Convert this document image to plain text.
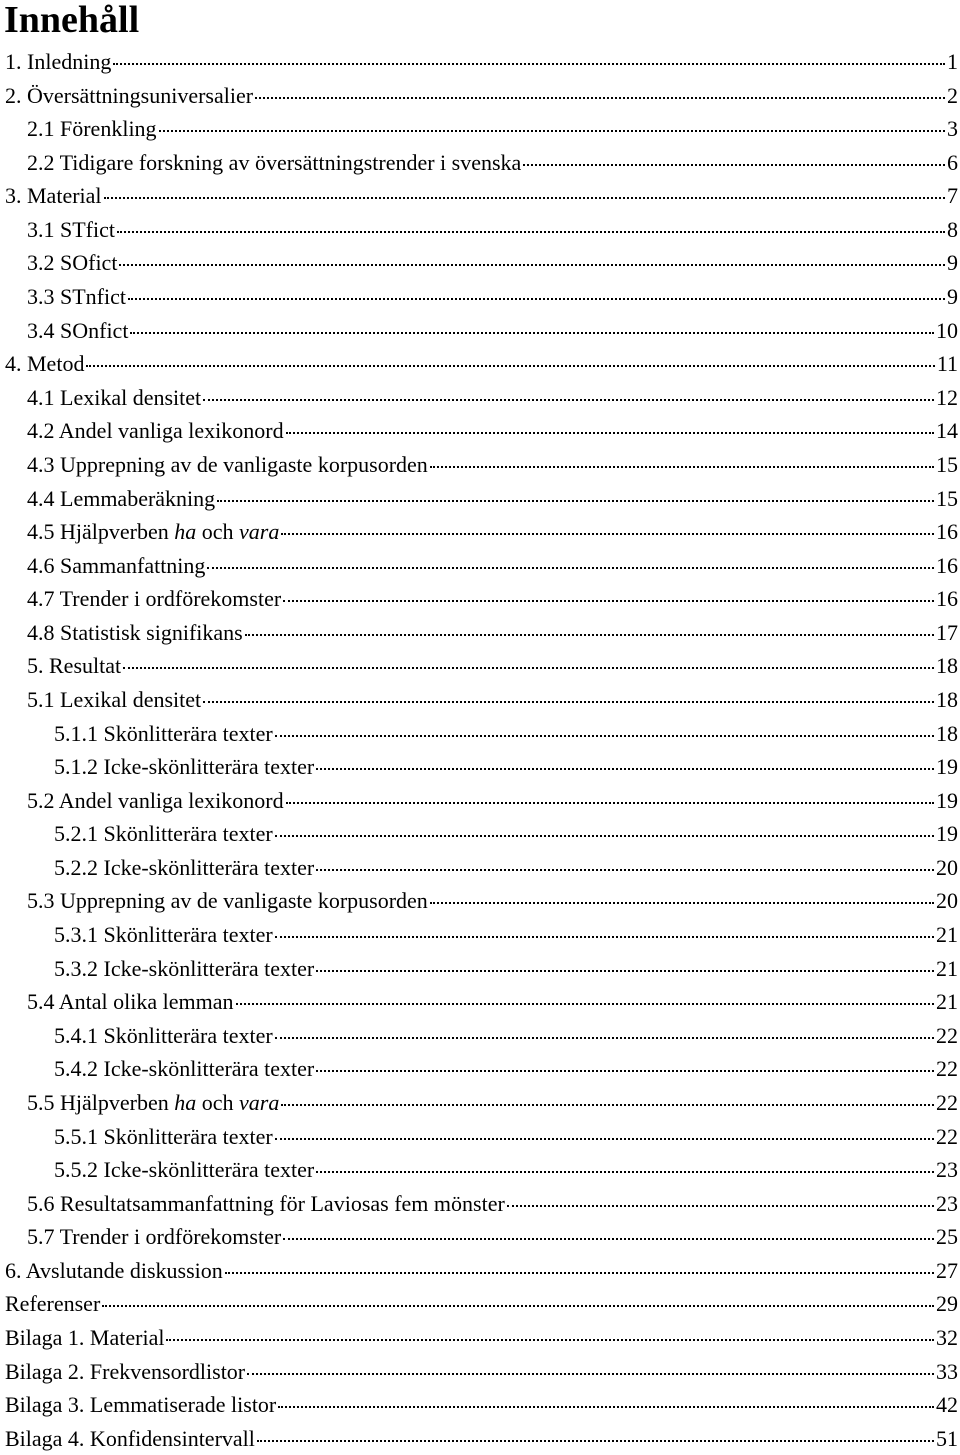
Innehåll
1. Inledning	1
2. Översättningsuniversalier	2
2.1 Förenkling	3
2.2 Tidigare forskning av översättningstrender i svenska	6
3. Material	7
3.1 STfict	8
3.2 SOfict	9
3.3 STnfict	9
3.4 SOnfict	10
4. Metod	11
4.1 Lexikal densitet	12
4.2 Andel vanliga lexikonord	14
4.3 Upprepning av de vanligaste korpusorden	15
4.4 Lemmaberäkning	15
4.5 Hjälpverben ha och vara	16
4.6 Sammanfattning	16
4.7 Trender i ordförekomster	16
4.8 Statistisk signifikans	17
5. Resultat	18
5.1 Lexikal densitet	18
5.1.1 Skönlitterära texter	18
5.1.2 Icke-skönlitterära texter	19
5.2 Andel vanliga lexikonord	19
5.2.1 Skönlitterära texter	19
5.2.2 Icke-skönlitterära texter	20
5.3 Upprepning av de vanligaste korpusorden	20
5.3.1 Skönlitterära texter	21
5.3.2 Icke-skönlitterära texter	21
5.4 Antal olika lemman	21
5.4.1 Skönlitterära texter	22
5.4.2 Icke-skönlitterära texter	22
5.5 Hjälpverben ha och vara	22
5.5.1 Skönlitterära texter	22
5.5.2 Icke-skönlitterära texter	23
5.6 Resultatsammanfattning för Laviosas fem mönster	23
5.7 Trender i ordförekomster	25
6. Avslutande diskussion	27
Referenser	29
Bilaga 1. Material	32
Bilaga 2. Frekvensordlistor	33
Bilaga 3. Lemmatiserade listor	42
Bilaga 4. Konfidensintervall	51
